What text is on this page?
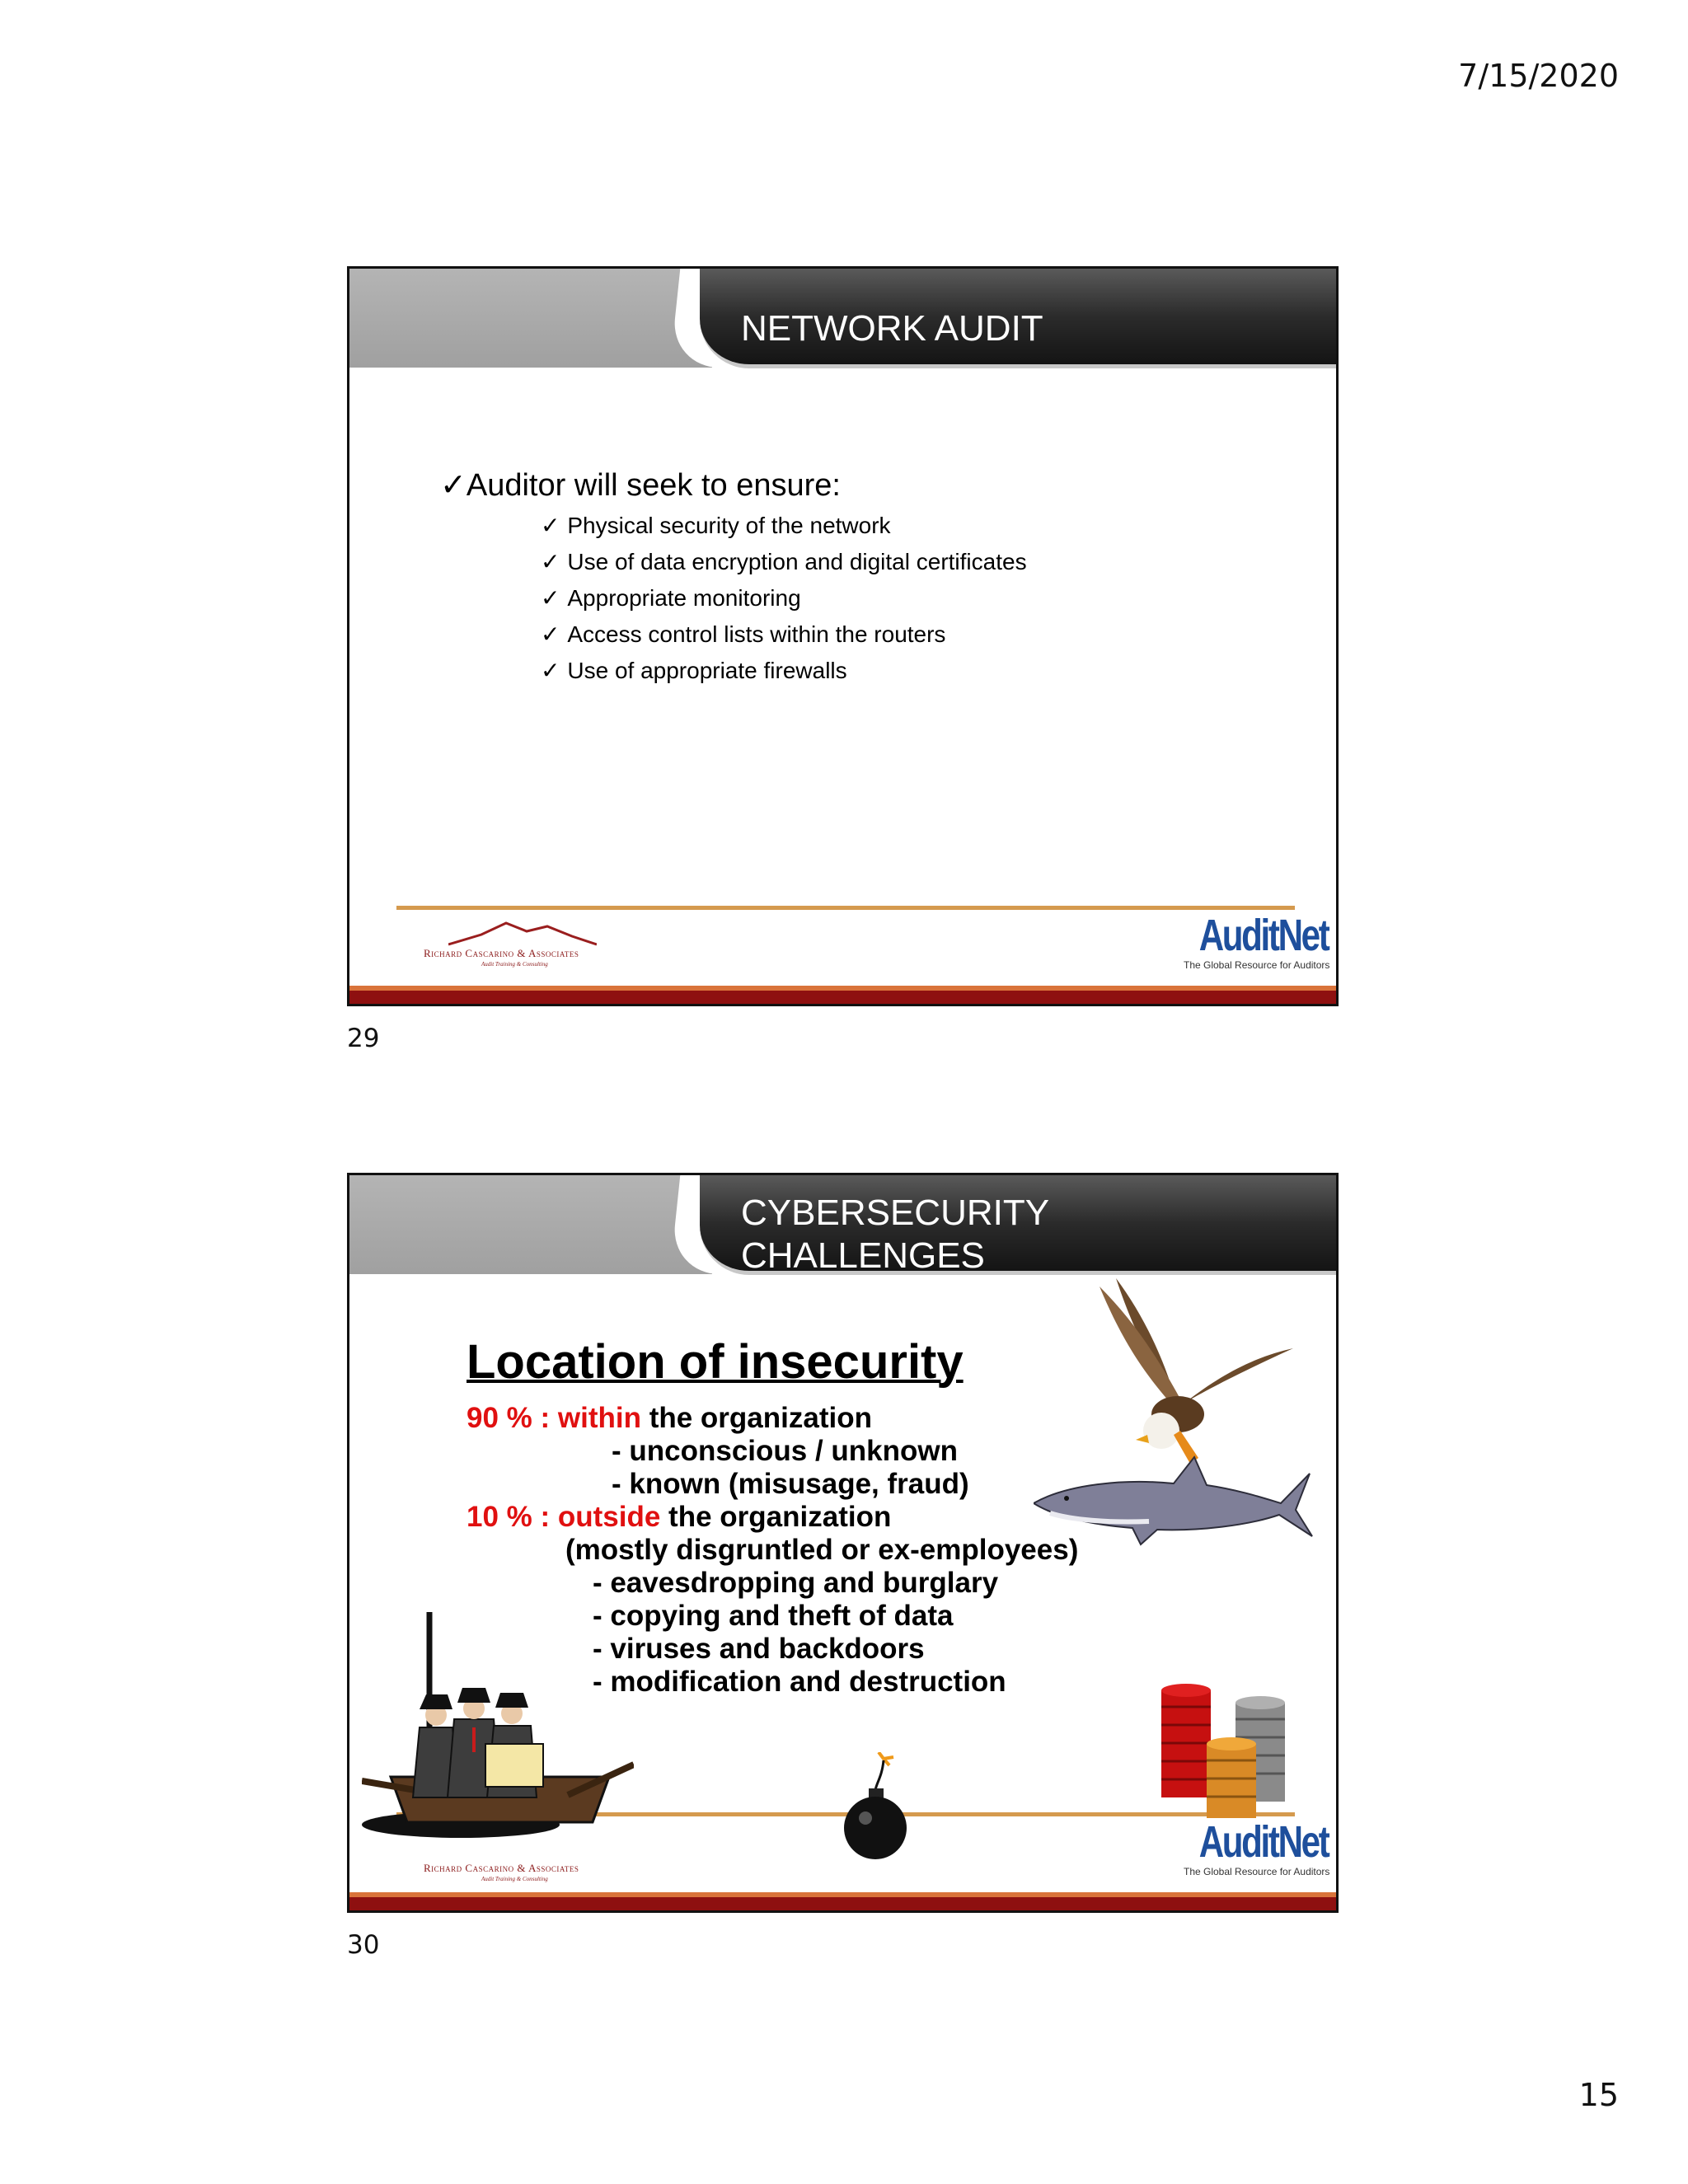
7/15/2020
NETWORK AUDIT
✓Auditor will seek to ensure:
✓ Physical security of the network
✓ Use of data encryption and digital certificates
✓ Appropriate monitoring
✓ Access control lists within the routers
✓ Use of appropriate firewalls
Richard Cascarino & Associates
Audit Training & Consulting
AuditNet
The Global Resource for Auditors
29
CYBERSECURITY
CHALLENGES
Location of insecurity
90 % : within the organization
- unconscious / unknown
- known (misusage, fraud)
10 % : outside the organization
(mostly disgruntled or ex-employees)
- eavesdropping and burglary
- copying and theft of data
- viruses and backdoors
- modification and destruction
Richard Cascarino & Associates
Audit Training & Consulting
AuditNet
The Global Resource for Auditors
30
15
